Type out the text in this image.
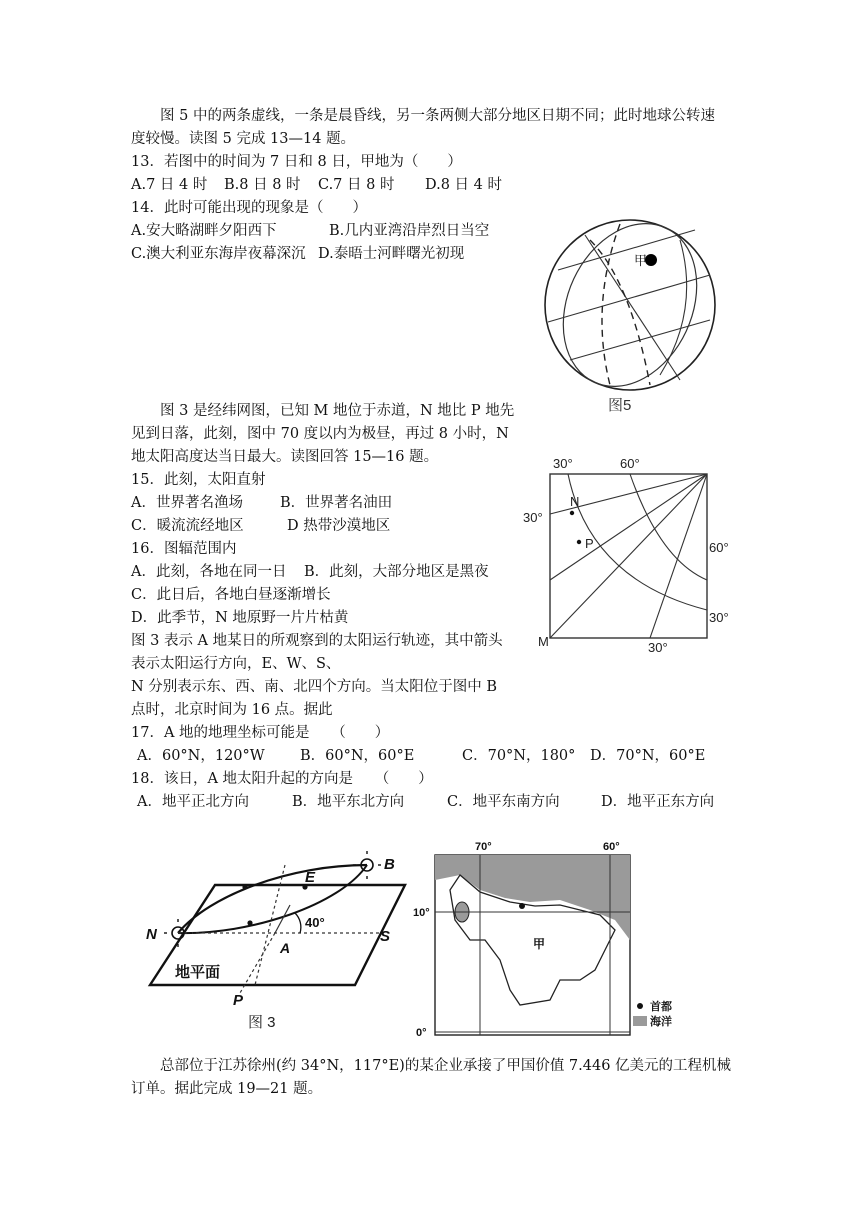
图 5 中的两条虚线，一条是晨昏线，另一条两侧大部分地区日期不同；此时地球公转速
度较慢。读图 5 完成 13—14 题。
13．若图中的时间为 7 日和 8 日，甲地为（　　）
A.7 日 4 时 B.8 日 8 时 C.7 日 8 时 D.8 日 4 时
14．此时可能出现的现象是（　　）
A.安大略湖畔夕阳西下	B.几内亚湾沿岸烈日当空
C.澳大利亚东海岸夜幕深沉 D.泰晤士河畔曙光初现	甲
图5
图 3 是经纬网图，已知 M 地位于赤道，N 地比 P 地先
见到日落，此刻，图中 70 度以内为极昼，再过 8 小时，N
地太阳高度达当日最大。读图回答 15—16 题。
15．此刻，太阳直射
A．世界著名渔场	B．世界著名油田
C．暖流流经地区	D 热带沙漠地区
16．图辐范围内
A．此刻，各地在同一日 B．此刻，大部分地区是黑夜
C．此日后，各地白昼逐渐增长
D．此季节，N 地原野一片片枯黄
30°	60°
30°
60°
30°
30°
N
P
M
图 3 表示 A 地某日的所观察到的太阳运行轨迹，其中箭头
表示太阳运行方向，E、W、S、
N 分别表示东、西、南、北四个方向。当太阳位于图中 B
点时，北京时间为 16 点。据此
17．A 地的地理坐标可能是　　（　　）
A．60°N，120°W B．60°N，60°E	C．70°N，180° D．70°N，60°E
18．该日，A 地太阳升起的方向是　　（　　）
A．地平正北方向	B．地平东北方向	C．地平东南方向	D．地平正东方向
B
E
N	S
A
40°
地平面
P
图 3
70°	60°
10°
0°
甲
首都
海洋
总部位于江苏徐州(约 34°N，117°E)的某企业承接了甲国价值 7.446 亿美元的工程机械
订单。据此完成 19—21 题。
